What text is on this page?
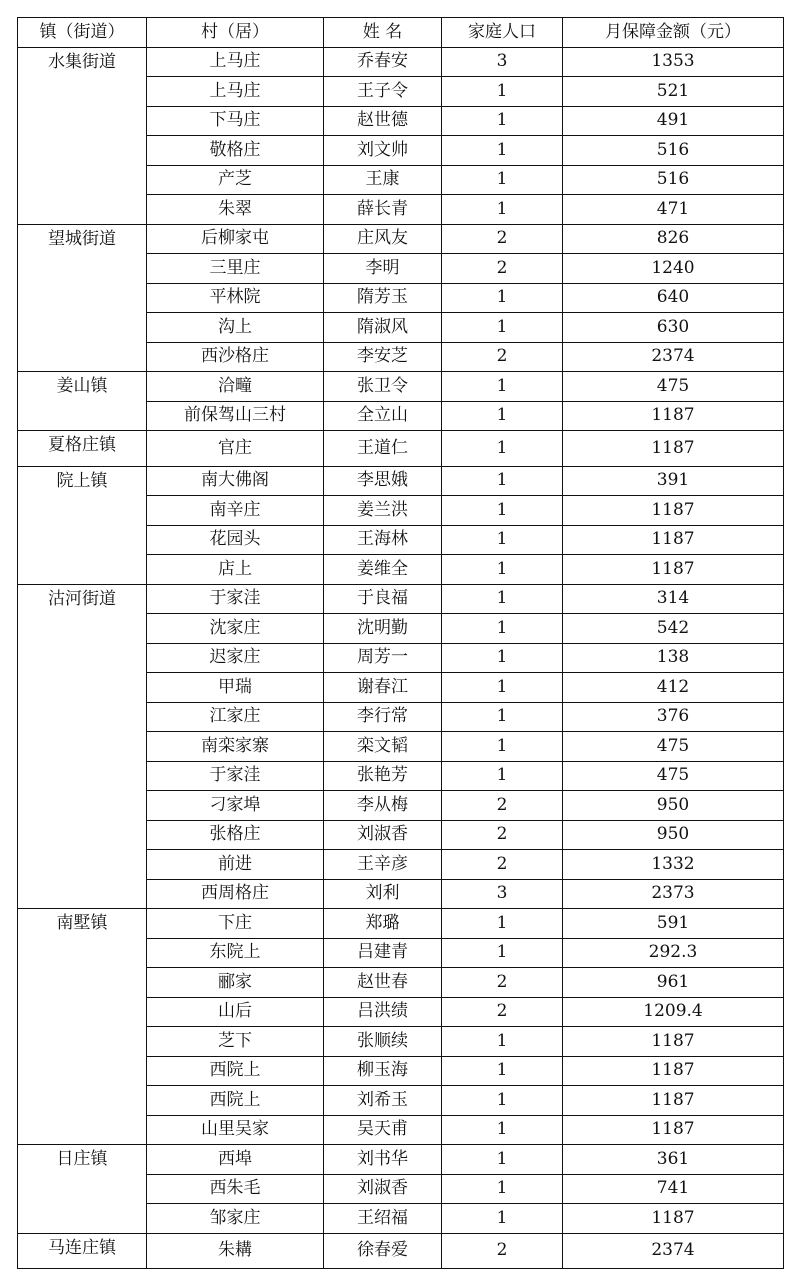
镇（街道）	村（居）	姓 名	家庭人口	月保障金额（元）
水集街道	上马庄	乔春安	3	1353
	上马庄	王子令	1	521
	下马庄	赵世德	1	491
	敬格庄	刘文帅	1	516
	产芝	王康	1	516
	朱翠	薛长青	1	471
望城街道	后柳家屯	庄风友	2	826
	三里庄	李明	2	1240
	平林院	隋芳玉	1	640
	沟上	隋淑风	1	630
	西沙格庄	李安芝	2	2374
姜山镇	洽疃	张卫令	1	475
	前保驾山三村	全立山	1	1187
夏格庄镇	官庄	王道仁	1	1187
院上镇	南大佛阁	李思娥	1	391
	南辛庄	姜兰洪	1	1187
	花园头	王海林	1	1187
	店上	姜维全	1	1187
沽河街道	于家洼	于良福	1	314
	沈家庄	沈明勤	1	542
	迟家庄	周芳一	1	138
	甲瑞	谢春江	1	412
	江家庄	李行常	1	376
	南栾家寨	栾文韬	1	475
	于家洼	张艳芳	1	475
	刁家埠	李从梅	2	950
	张格庄	刘淑香	2	950
	前进	王辛彦	2	1332
	西周格庄	刘利	3	2373
南墅镇	下庄	郑璐	1	591
	东院上	吕建青	1	292.3
	郦家	赵世春	2	961
	山后	吕洪绩	2	1209.4
	芝下	张顺续	1	1187
	西院上	柳玉海	1	1187
	西院上	刘希玉	1	1187
	山里吴家	吴天甫	1	1187
日庄镇	西埠	刘书华	1	361
	西朱毛	刘淑香	1	741
	邹家庄	王绍福	1	1187
马连庄镇	朱耩	徐春爱	2	2374
